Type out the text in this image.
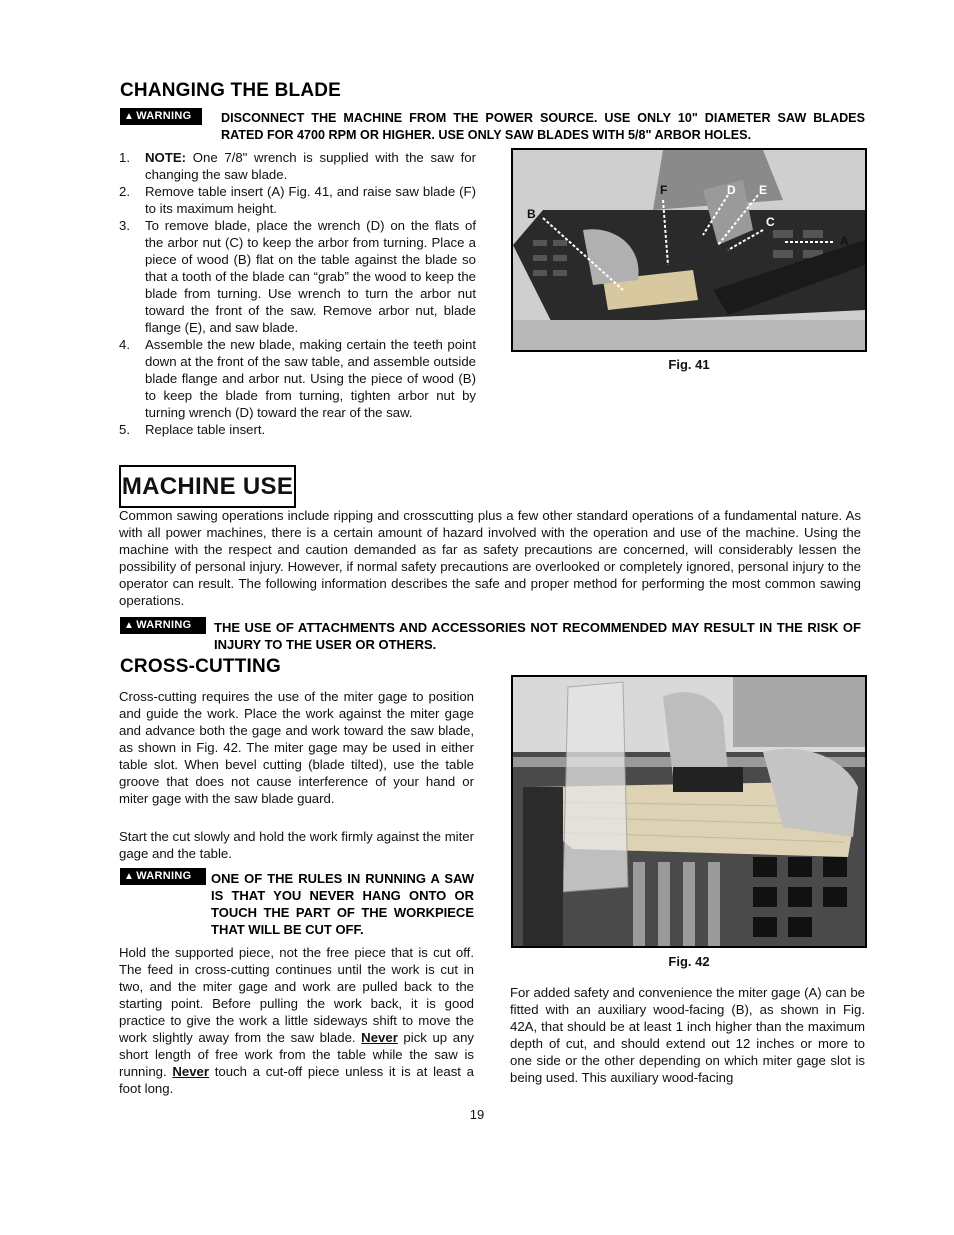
CHANGING THE BLADE
▲ WARNING DISCONNECT THE MACHINE FROM THE POWER SOURCE. USE ONLY 10" DIAMETER SAW BLADES RATED FOR 4700 RPM OR HIGHER. USE ONLY SAW BLADES WITH 5/8" ARBOR HOLES.
1. NOTE: One 7/8" wrench is supplied with the saw for changing the saw blade.
2. Remove table insert (A) Fig. 41, and raise saw blade (F) to its maximum height.
3. To remove blade, place the wrench (D) on the flats of the arbor nut (C) to keep the arbor from turning. Place a piece of wood (B) flat on the table against the blade so that a tooth of the blade can “grab” the wood to keep the blade from turning. Use wrench to turn the arbor nut toward the front of the saw. Remove arbor nut, blade flange (E), and saw blade.
4. Assemble the new blade, making certain the teeth point down at the front of the saw table, and assemble outside blade flange and arbor nut. Using the piece of wood (B) to keep the blade from turning, tighten arbor nut by turning wrench (D) toward the rear of the saw.
5. Replace table insert.
F	D E
B
C
A
Fig. 41
MACHINE USE

Common sawing operations include ripping and crosscutting plus a few other standard operations of a fundamental nature. As with all power machines, there is a certain amount of hazard involved with the operation and use of the machine. Using the machine with the respect and caution demanded as far as safety precautions are concerned, will considerably lessen the possibility of personal injury. However, if normal safety precautions are overlooked or completely ignored, personal injury to the operator can result. The following information describes the safe and proper method for performing the most common sawing operations.

▲ WARNING THE USE OF ATTACHMENTS AND ACCESSORIES NOT RECOMMENDED MAY RESULT IN THE RISK OF INJURY TO THE USER OR OTHERS.
CROSS-CUTTING

Cross-cutting requires the use of the miter gage to position and guide the work. Place the work against the miter gage and advance both the gage and work toward the saw blade, as shown in Fig. 42. The miter gage may be used in either table slot. When bevel cutting (blade tilted), use the table groove that does not cause interference of your hand or miter gage with the saw blade guard.

Start the cut slowly and hold the work firmly against the miter gage and the table.

▲ WARNING ONE OF THE RULES IN RUNNING A SAW IS THAT YOU NEVER HANG ONTO OR TOUCH THE PART OF THE WORKPIECE THAT WILL BE CUT OFF.

Hold the supported piece, not the free piece that is cut off. The feed in cross-cutting continues until the work is cut in two, and the miter gage and work are pulled back to the starting point. Before pulling the work back, it is good practice to give the work a little sideways shift to move the work slightly away from the saw blade. Never pick up any short length of free work from the table while the saw is running. Never touch a cut-off piece unless it is at least a foot long.

Fig. 42

For added safety and convenience the miter gage (A) can be fitted with an auxiliary wood-facing (B), as shown in Fig. 42A, that should be at least 1 inch higher than the maximum depth of cut, and should extend out 12 inches or more to one side or the other depending on which miter gage slot is being used. This auxiliary wood-facing

19
